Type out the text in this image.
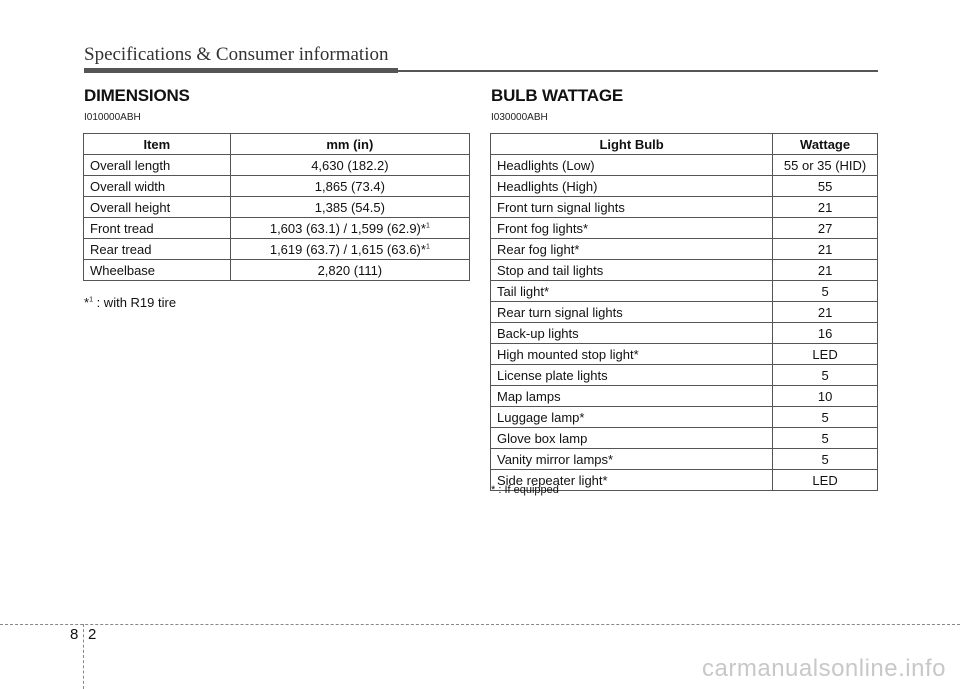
Specifications & Consumer information
DIMENSIONS
I010000ABH
Item	mm (in)
Overall length	4,630 (182.2)
Overall width	1,865 (73.4)
Overall height	1,385 (54.5)
Front tread	1,603 (63.1) / 1,599 (62.9)*$^1$
Rear tread	1,619 (63.7) / 1,615 (63.6)*$^1$
Wheelbase	2,820 (111)
*$^1$ : with R19 tire
BULB WATTAGE
I030000ABH
Light Bulb	Wattage
Headlights (Low)	55 or 35 (HID)
Headlights (High)	55
Front turn signal lights	21
Front fog lights*	27
Rear fog light*	21
Stop and tail lights	21
Tail light*	5
Rear turn signal lights	21
Back-up lights	16
High mounted stop light*	LED
License plate lights	5
Map lamps	10
Luggage lamp*	5
Glove box lamp	5
Vanity mirror lamps*	5
Side repeater light*	LED
* : If equipped
8 2
carmanualsonline.info
